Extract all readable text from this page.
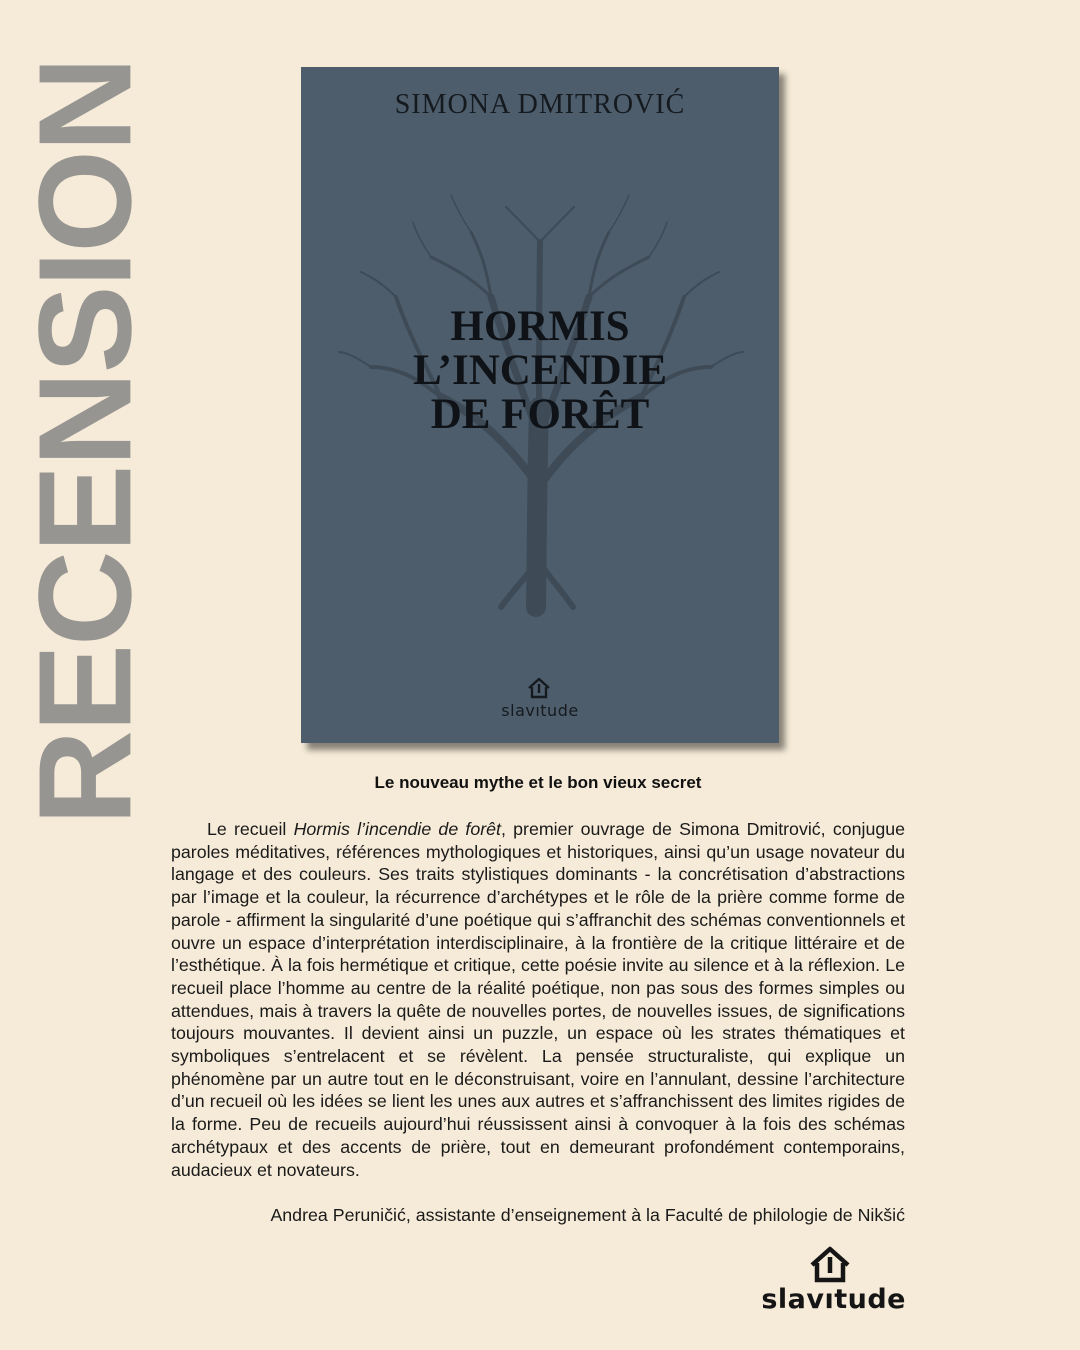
RECENSION	SIMONA DMITROVIĆ
HORMIS
L’INCENDIE
DE FORÊT
slavıtude
Le nouveau mythe et le bon vieux secret

Le recueil Hormis l’incendie de forêt, premier ouvrage de Simona Dmitrović, conjugue paroles méditatives, références mythologiques et historiques, ainsi qu’un usage novateur du langage et des couleurs. Ses traits stylistiques dominants - la concrétisation d’abstractions par l’image et la couleur, la récurrence d’archétypes et le rôle de la prière comme forme de parole - affirment la singularité d’une poétique qui s’affranchit des schémas conventionnels et ouvre un espace d’interprétation interdisciplinaire, à la frontière de la critique littéraire et de l’esthétique. À la fois hermétique et critique, cette poésie invite au silence et à la réflexion. Le recueil place l’homme au centre de la réalité poétique, non pas sous des formes simples ou attendues, mais à travers la quête de nouvelles portes, de nouvelles issues, de significations toujours mouvantes. Il devient ainsi un puzzle, un espace où les strates thématiques et symboliques s’entrelacent et se révèlent. La pensée structuraliste, qui explique un phénomène par un autre tout en le déconstruisant, voire en l’annulant, dessine l’architecture d’un recueil où les idées se lient les unes aux autres et s’affranchissent des limites rigides de la forme. Peu de recueils aujourd’hui réussissent ainsi à convoquer à la fois des schémas archétypaux et des accents de prière, tout en demeurant profondément contemporains, audacieux et novateurs.

Andrea Peruničić, assistante d’enseignement à la Faculté de philologie de Nikšić
slavıtude
